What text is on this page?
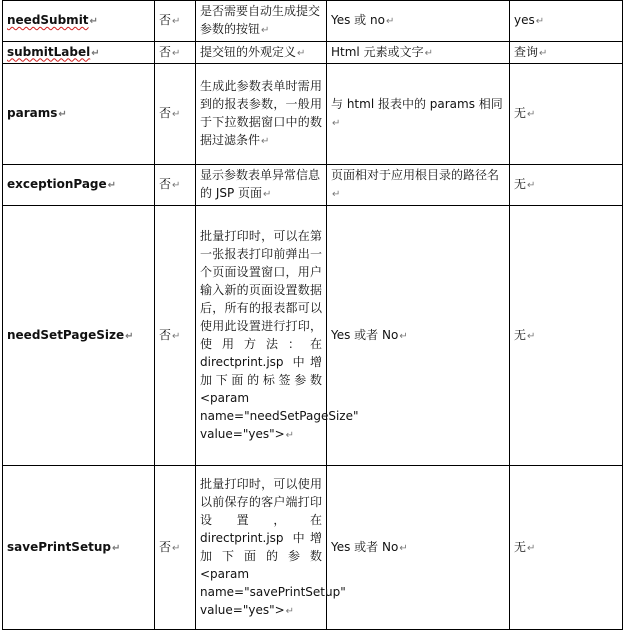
needSubmit↵	否↵	是否需要自动生成提交参数的按钮↵	Yes 或 no↵	yes↵
submitLabel↵	否↵	提交钮的外观定义↵	Html 元素或文字↵	查询↵
params↵	否↵	生成此参数表单时需用到的报表参数，一般用于下拉数据窗口中的数据过滤条件↵	与 html 报表中的 params 相同↵	无↵
exceptionPage↵	否↵	显示参数表单异常信息的 JSP 页面↵	页面相对于应用根目录的路径名↵	无↵
needSetPageSize↵	否↵	批量打印时，可以在第一张报表打印前弹出一个页面设置窗口，用户输入新的页面设置数据后，所有的报表都可以使用此设置进行打印，使用方法：在 directprint.jsp 中增加下面的标签参数 <param name="needSetPageSize" value="yes">↵	Yes 或者 No↵	无↵
savePrintSetup↵	否↵	批量打印时，可以使用以前保存的客户端打印设置，在 directprint.jsp 中增加下面的参数 <param name="savePrintSetup" value="yes">↵	Yes 或者 No↵	无↵
